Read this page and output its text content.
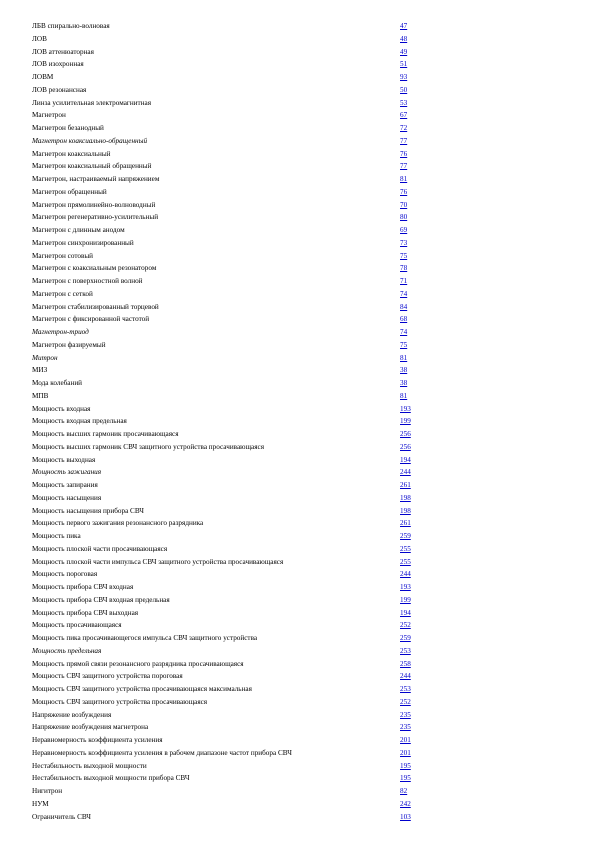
ЛБВ спирально-волновая	47
ЛОВ	48
ЛОВ аттенюаторная	49
ЛОВ изохронная	51
ЛОВМ	93
ЛОВ резонансная	50
Линза усилительная электромагнитная	53
Магнетрон	67
Магнетрон безанодный	72
Магнетрон коаксиально-обращенный	77
Магнетрон коаксиальный	76
Магнетрон коаксиальный обращенный	77
Магнетрон, настраиваемый напряжением	81
Магнетрон обращенный	76
Магнетрон прямолинейно-волноводный	70
Магнетрон регенеративно-усилительный	80
Магнетрон с длинным анодом	69
Магнетрон синхронизированный	73
Магнетрон сотовый	75
Магнетрон с коаксиальным резонатором	78
Магнетрон с поверхностной волной	71
Магнетрон с сеткой	74
Магнетрон стабилизированный торцевой	84
Магнетрон с фиксированной частотой	68
Магнетрон-триод	74
Магнетрон фазируемый	75
Митрон	81
МИЗ	38
Мода колебаний	38
МПВ	81
Мощность входная	193
Мощность входная предельная	199
Мощность высших гармоник просачивающаяся	256
Мощность высших гармоник СВЧ защитного устройства просачивающаяся	256
Мощность выходная	194
Мощность зажигания	244
Мощность запирания	261
Мощность насыщения	198
Мощность насыщения прибора СВЧ	198
Мощность первого зажигания резонансного разрядника	261
Мощность пика	259
Мощность плоской части просачивающаяся	255
Мощность плоской части импульса СВЧ защитного устройства просачивающаяся	255
Мощность пороговая	244
Мощность прибора СВЧ входная	193
Мощность прибора СВЧ входная предельная	199
Мощность прибора СВЧ выходная	194
Мощность просачивающаяся	252
Мощность пика просачивающегося импульса СВЧ защитного устройства	259
Мощность предельная	253
Мощность прямой связи резонансного разрядника просачивающаяся	258
Мощность СВЧ защитного устройства пороговая	244
Мощность СВЧ защитного устройства просачивающаяся максимальная	253
Мощность СВЧ защитного устройства просачивающаяся	252
Напряжение возбуждения	235
Напряжение возбуждения магнетрона	235
Неравномерность коэффициента усиления	201
Неравномерность коэффициента усиления в рабочем диапазоне частот прибора СВЧ	201
Нестабильность выходной мощности	195
Нестабильность выходной мощности прибора СВЧ	195
Нигитрон	82
НУМ	242
Ограничитель СВЧ	103
